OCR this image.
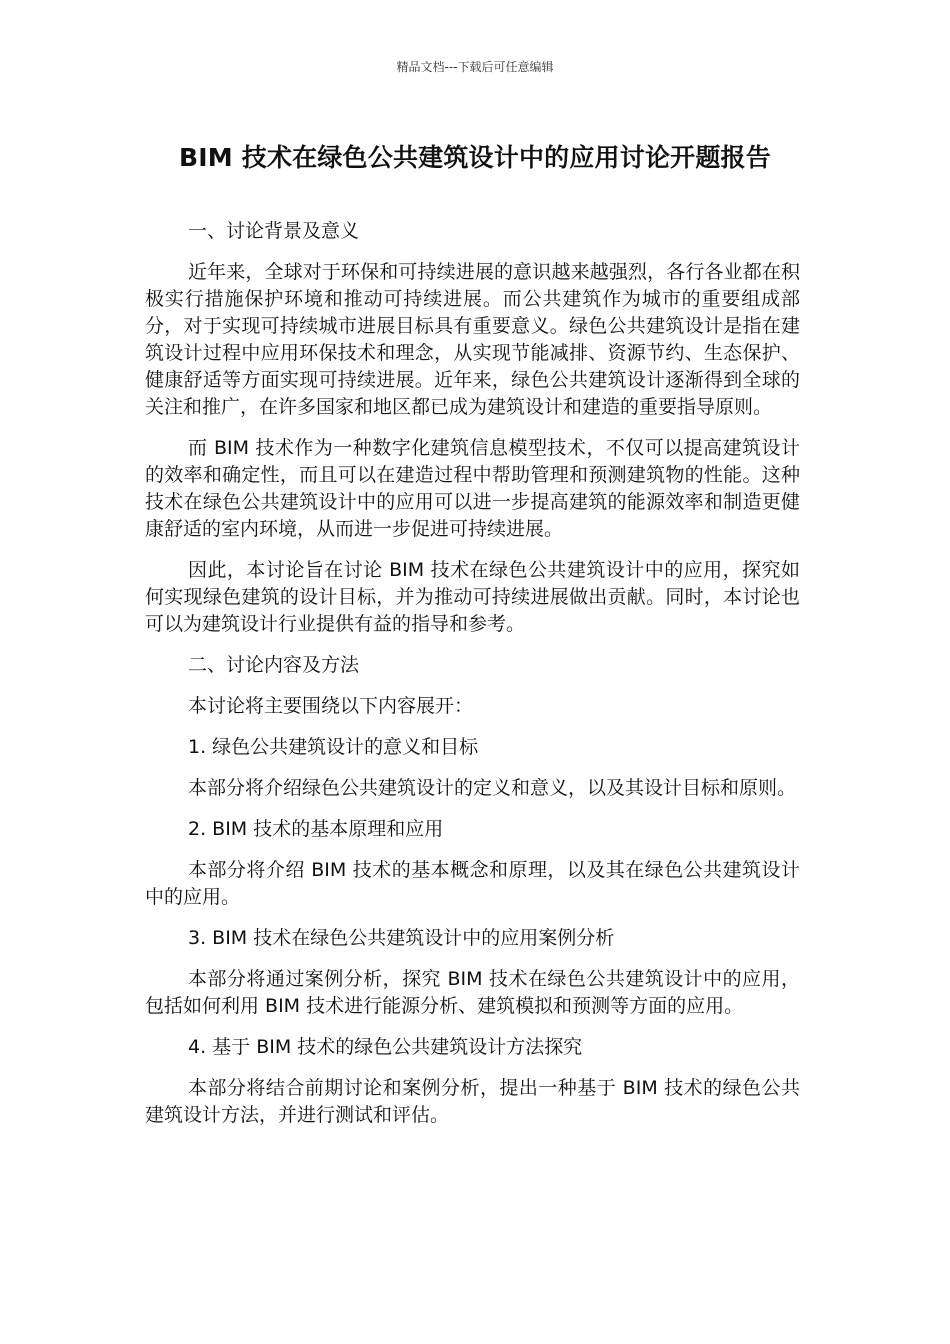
精品文档---下载后可任意编辑
BIM 技术在绿色公共建筑设计中的应用讨论开题报告

一、讨论背景及意义

近年来，全球对于环保和可持续进展的意识越来越强烈，各行各业都在积极实行措施保护环境和推动可持续进展。而公共建筑作为城市的重要组成部分，对于实现可持续城市进展目标具有重要意义。绿色公共建筑设计是指在建筑设计过程中应用环保技术和理念，从实现节能减排、资源节约、生态保护、健康舒适等方面实现可持续进展。近年来，绿色公共建筑设计逐渐得到全球的关注和推广，在许多国家和地区都已成为建筑设计和建造的重要指导原则。

而 BIM 技术作为一种数字化建筑信息模型技术，不仅可以提高建筑设计的效率和确定性，而且可以在建造过程中帮助管理和预测建筑物的性能。这种技术在绿色公共建筑设计中的应用可以进一步提高建筑的能源效率和制造更健康舒适的室内环境，从而进一步促进可持续进展。

因此，本讨论旨在讨论 BIM 技术在绿色公共建筑设计中的应用，探究如何实现绿色建筑的设计目标，并为推动可持续进展做出贡献。同时，本讨论也可以为建筑设计行业提供有益的指导和参考。

二、讨论内容及方法

本讨论将主要围绕以下内容展开：

1. 绿色公共建筑设计的意义和目标

本部分将介绍绿色公共建筑设计的定义和意义，以及其设计目标和原则。

2. BIM 技术的基本原理和应用

本部分将介绍 BIM 技术的基本概念和原理，以及其在绿色公共建筑设计中的应用。

3. BIM 技术在绿色公共建筑设计中的应用案例分析

本部分将通过案例分析，探究 BIM 技术在绿色公共建筑设计中的应用，包括如何利用 BIM 技术进行能源分析、建筑模拟和预测等方面的应用。

4. 基于 BIM 技术的绿色公共建筑设计方法探究

本部分将结合前期讨论和案例分析，提出一种基于 BIM 技术的绿色公共建筑设计方法，并进行测试和评估。
